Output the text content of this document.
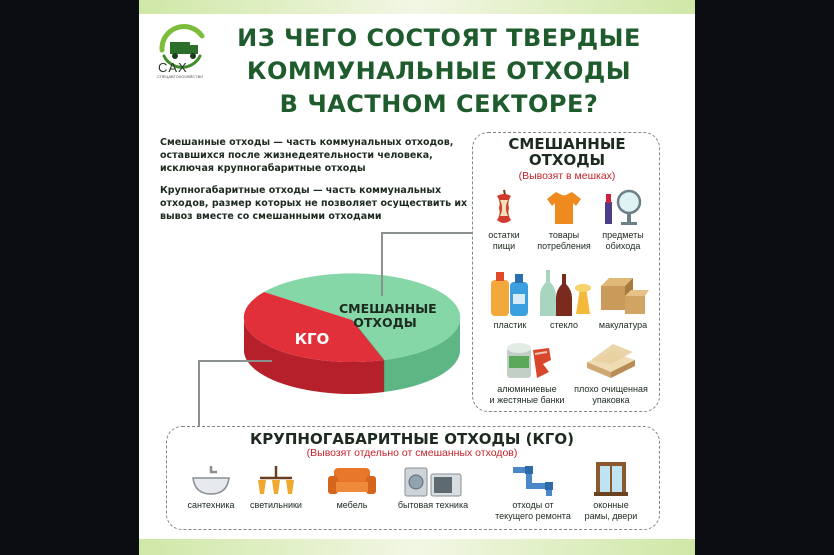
CAX
СПЕЦАВТОХОЗЯЙСТВО
ИЗ ЧЕГО СОСТОЯТ ТВЕРДЫЕ
КОММУНАЛЬНЫЕ ОТХОДЫ
В ЧАСТНОМ СЕКТОРЕ?
Смешанные отходы — часть коммунальных отходов, оставшихся после жизнедеятельности человека, исключая крупногабаритные отходы
Крупногабаритные отходы — часть коммунальных отходов, размер которых не позволяет осуществить их вывоз вместе со смешанными отходами
СМЕШАННЫЕ
ОТХОДЫ
(Вывозят в мешках)
остатки
пищи
товары
потребления
предметы
обихода
пластик	стекло	макулатура
алюминиевые
и жестяные банки
плохо очищенная
упаковка
СМЕШАННЫЕ ОТХОДЫ
КГО
КРУПНОГАБАРИТНЫЕ ОТХОДЫ (КГО)
(Вывозят отдельно от смешанных отходов)
сантехника	светильники	мебель	бытовая техника	отходы от
текущего ремонта
оконные
рамы, двери
